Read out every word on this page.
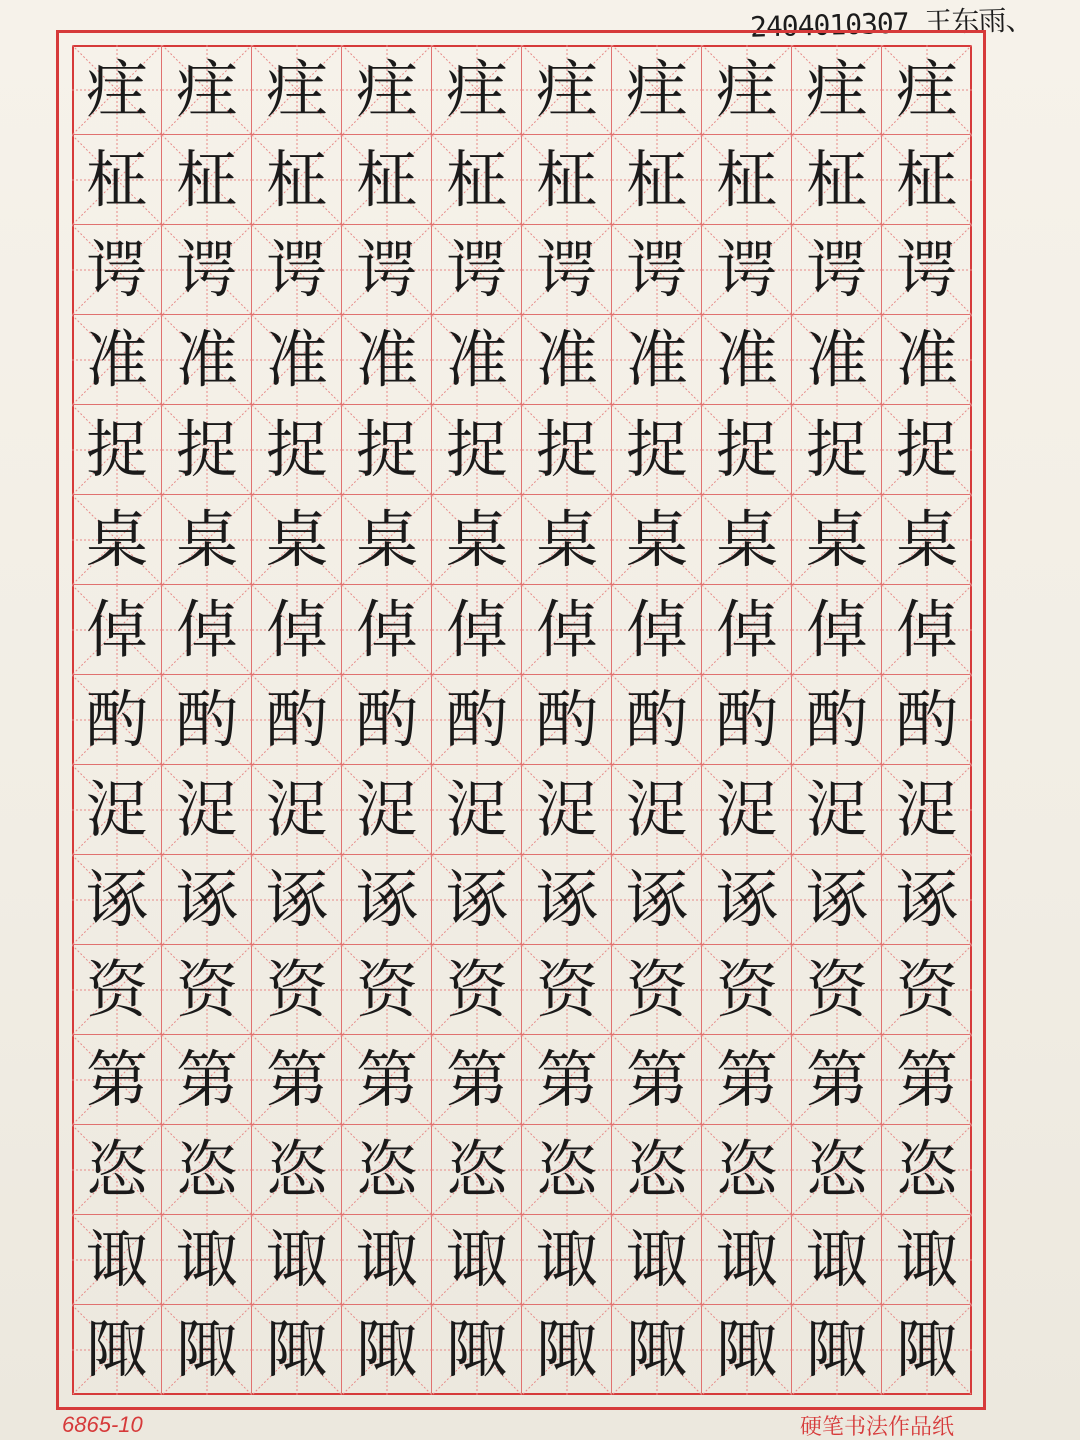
2404010307 王东雨、
疰 疰 疰 疰 疰 疰 疰 疰 疰 疰
柾 柾 柾 柾 柾 柾 柾 柾 柾 柾
谔 谔 谔 谔 谔 谔 谔 谔 谔 谔
准 准 准 准 准 准 准 准 准 准
捉 捉 捉 捉 捉 捉 捉 捉 捉 捉
桌 桌 桌 桌 桌 桌 桌 桌 桌 桌
倬 倬 倬 倬 倬 倬 倬 倬 倬 倬
酌 酌 酌 酌 酌 酌 酌 酌 酌 酌
浞 浞 浞 浞 浞 浞 浞 浞 浞 浞
诼 诼 诼 诼 诼 诼 诼 诼 诼 诼
资 资 资 资 资 资 资 资 资 资
第 第 第 第 第 第 第 第 第 第
恣 恣 恣 恣 恣 恣 恣 恣 恣 恣
诹 诹 诹 诹 诹 诹 诹 诹 诹 诹
陬 陬 陬 陬 陬 陬 陬 陬 陬 陬
6865-10	硬笔书法作品纸
